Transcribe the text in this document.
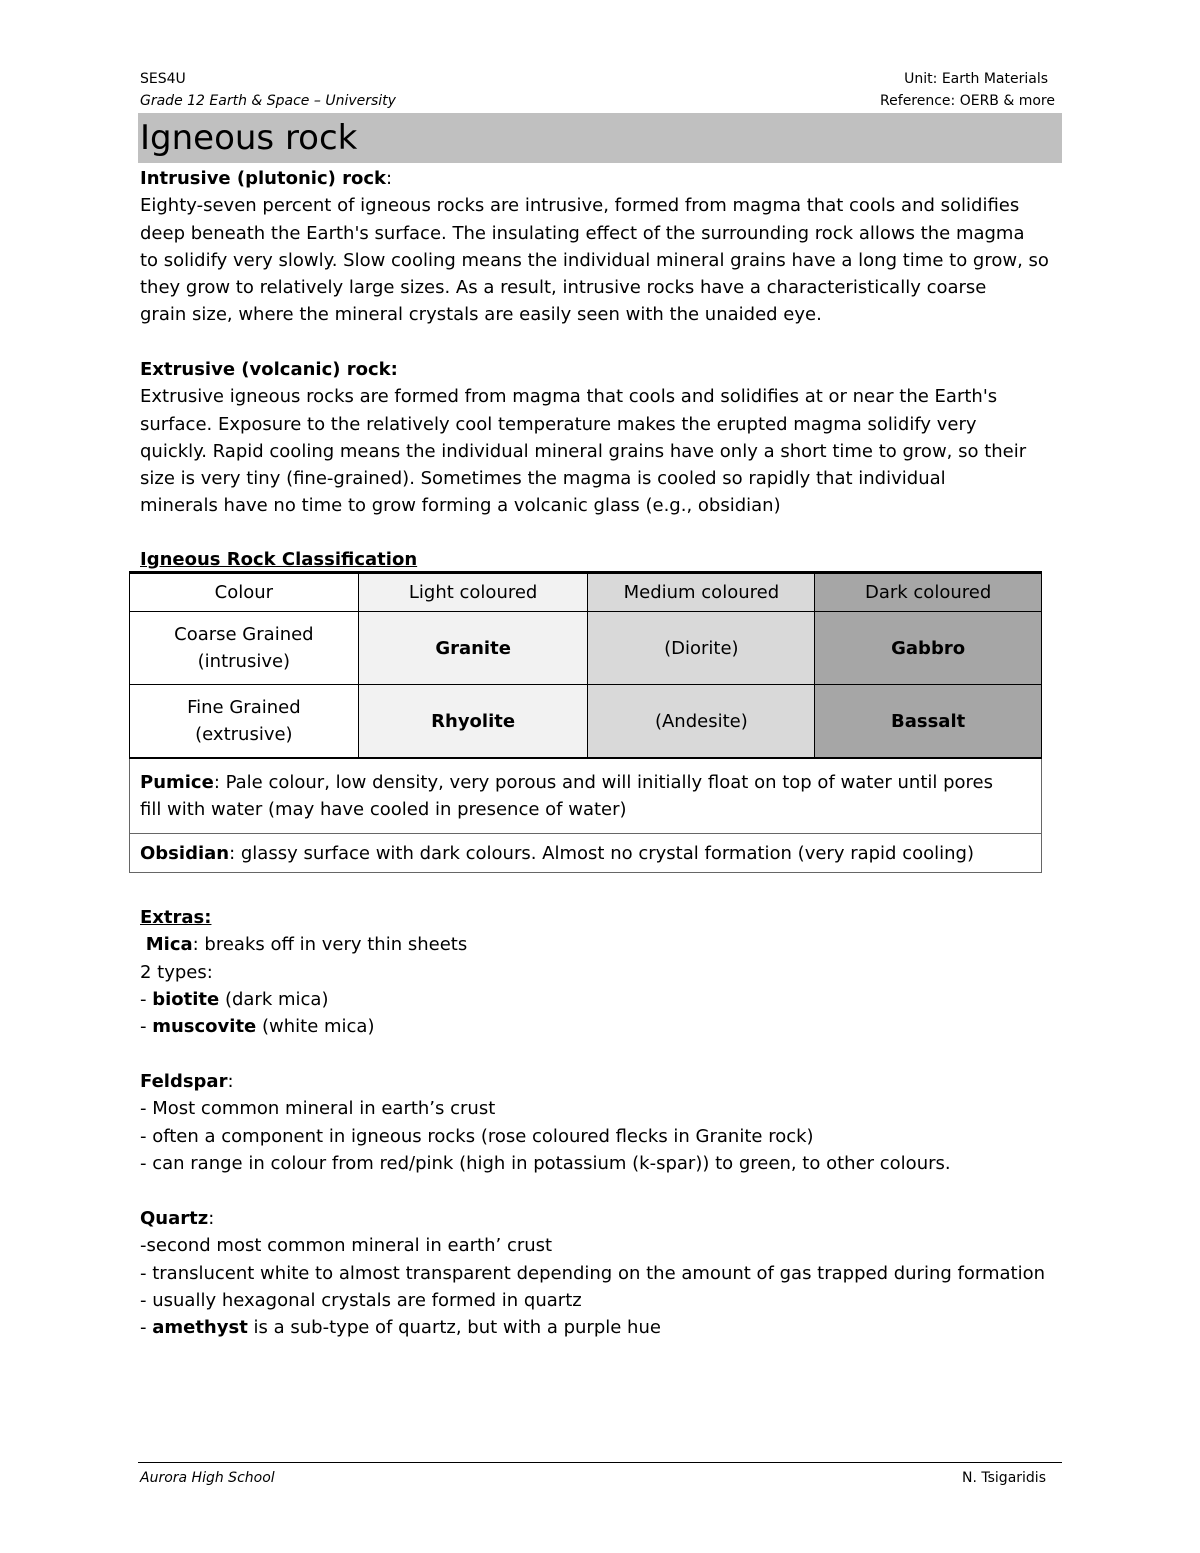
SES4U
Grade 12 Earth & Space – University
Unit: Earth Materials
Reference: OERB & more
Igneous rock
Intrusive (plutonic) rock:
Eighty-seven percent of igneous rocks are intrusive, formed from magma that cools and solidifies
deep beneath the Earth's surface. The insulating effect of the surrounding rock allows the magma
to solidify very slowly. Slow cooling means the individual mineral grains have a long time to grow, so
they grow to relatively large sizes. As a result, intrusive rocks have a characteristically coarse
grain size, where the mineral crystals are easily seen with the unaided eye.
Extrusive (volcanic) rock:
Extrusive igneous rocks are formed from magma that cools and solidifies at or near the Earth's
surface. Exposure to the relatively cool temperature makes the erupted magma solidify very
quickly. Rapid cooling means the individual mineral grains have only a short time to grow, so their
size is very tiny (fine-grained). Sometimes the magma is cooled so rapidly that individual
minerals have no time to grow forming a volcanic glass (e.g., obsidian)
Igneous Rock Classification
Colour	Light coloured	Medium coloured	Dark coloured

Coarse Grained
(intrusive)	Granite	(Diorite)	Gabbro

Fine Grained
(extrusive)	Rhyolite	(Andesite)	Bassalt

Pumice: Pale colour, low density, very porous and will initially float on top of water until pores
fill with water (may have cooled in presence of water)			

Obsidian: glassy surface with dark colours. Almost no crystal formation (very rapid cooling)			
Extras:
Mica: breaks off in very thin sheets
2 types:
- biotite (dark mica)
- muscovite (white mica)
Feldspar:
- Most common mineral in earth’s crust
- often a component in igneous rocks (rose coloured flecks in Granite rock)
- can range in colour from red/pink (high in potassium (k-spar)) to green, to other colours.
Quartz:
-second most common mineral in earth’ crust
- translucent white to almost transparent depending on the amount of gas trapped during formation
- usually hexagonal crystals are formed in quartz
- amethyst is a sub-type of quartz, but with a purple hue
Aurora High School	N. Tsigaridis
